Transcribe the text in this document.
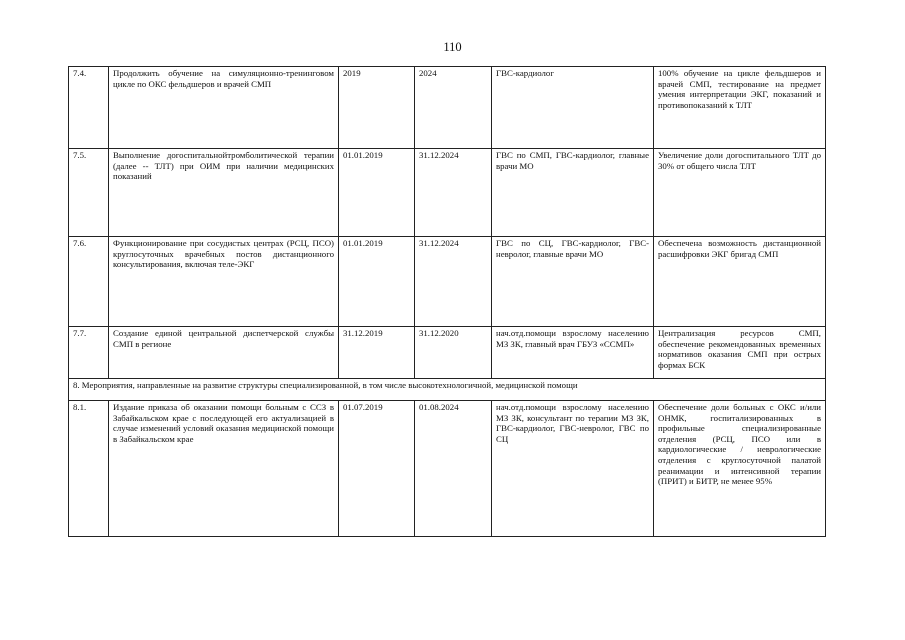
110
7.4.	Продолжить обучение на симуляционно-тренинговом цикле по ОКС фельдшеров и врачей СМП	2019	2024	ГВС-кардиолог	100% обучение на цикле фельдшеров и врачей СМП, тестирование на предмет умения интерпретации ЭКГ, показаний и противопоказаний к ТЛТ
7.5.	Выполнение догоспитальнойтромболитической терапии (далее -- ТЛТ) при ОИМ при наличии медицинских показаний	01.01.2019	31.12.2024	ГВС по СМП, ГВС-кардиолог, главные врачи МО	Увеличение доли догоспитального ТЛТ до 30% от общего числа ТЛТ
7.6.	Функционирование при сосудистых центрах (РСЦ, ПСО) круглосуточных врачебных постов дистанционного консультирования, включая теле-ЭКГ	01.01.2019	31.12.2024	ГВС по СЦ, ГВС-кардиолог, ГВС-невролог, главные врачи МО	Обеспечена возможность дистанционной расшифровки ЭКГ бригад СМП
7.7.	Создание единой центральной диспетчерской службы СМП в регионе	31.12.2019	31.12.2020	нач.отд.помощи взрослому населению МЗ ЗК, главный врач ГБУЗ «ССМП»	Централизация ресурсов СМП, обеспечение рекомендованных временных нормативов оказания СМП при острых формах БСК
8. Мероприятия, направленные на развитие структуры специализированной, в том числе высокотехнологичной, медицинской помощи					
8.1.	Издание приказа об оказании помощи больным с ССЗ в Забайкальском крае с последующей его актуализацией в случае изменений условий оказания медицинской помощи в Забайкальском крае	01.07.2019	01.08.2024	нач.отд.помощи взрослому населению МЗ ЗК, консультант по терапии МЗ ЗК, ГВС-кардиолог, ГВС-невролог, ГВС по СЦ	Обеспечение доли больных с ОКС и/или ОНМК, госпитализированных в профильные специализированные отделения (РСЦ, ПСО или в кардиологические / неврологические отделения с круглосуточной палатой реанимации и интенсивной терапии (ПРИТ) и БИТР, не менее 95%
